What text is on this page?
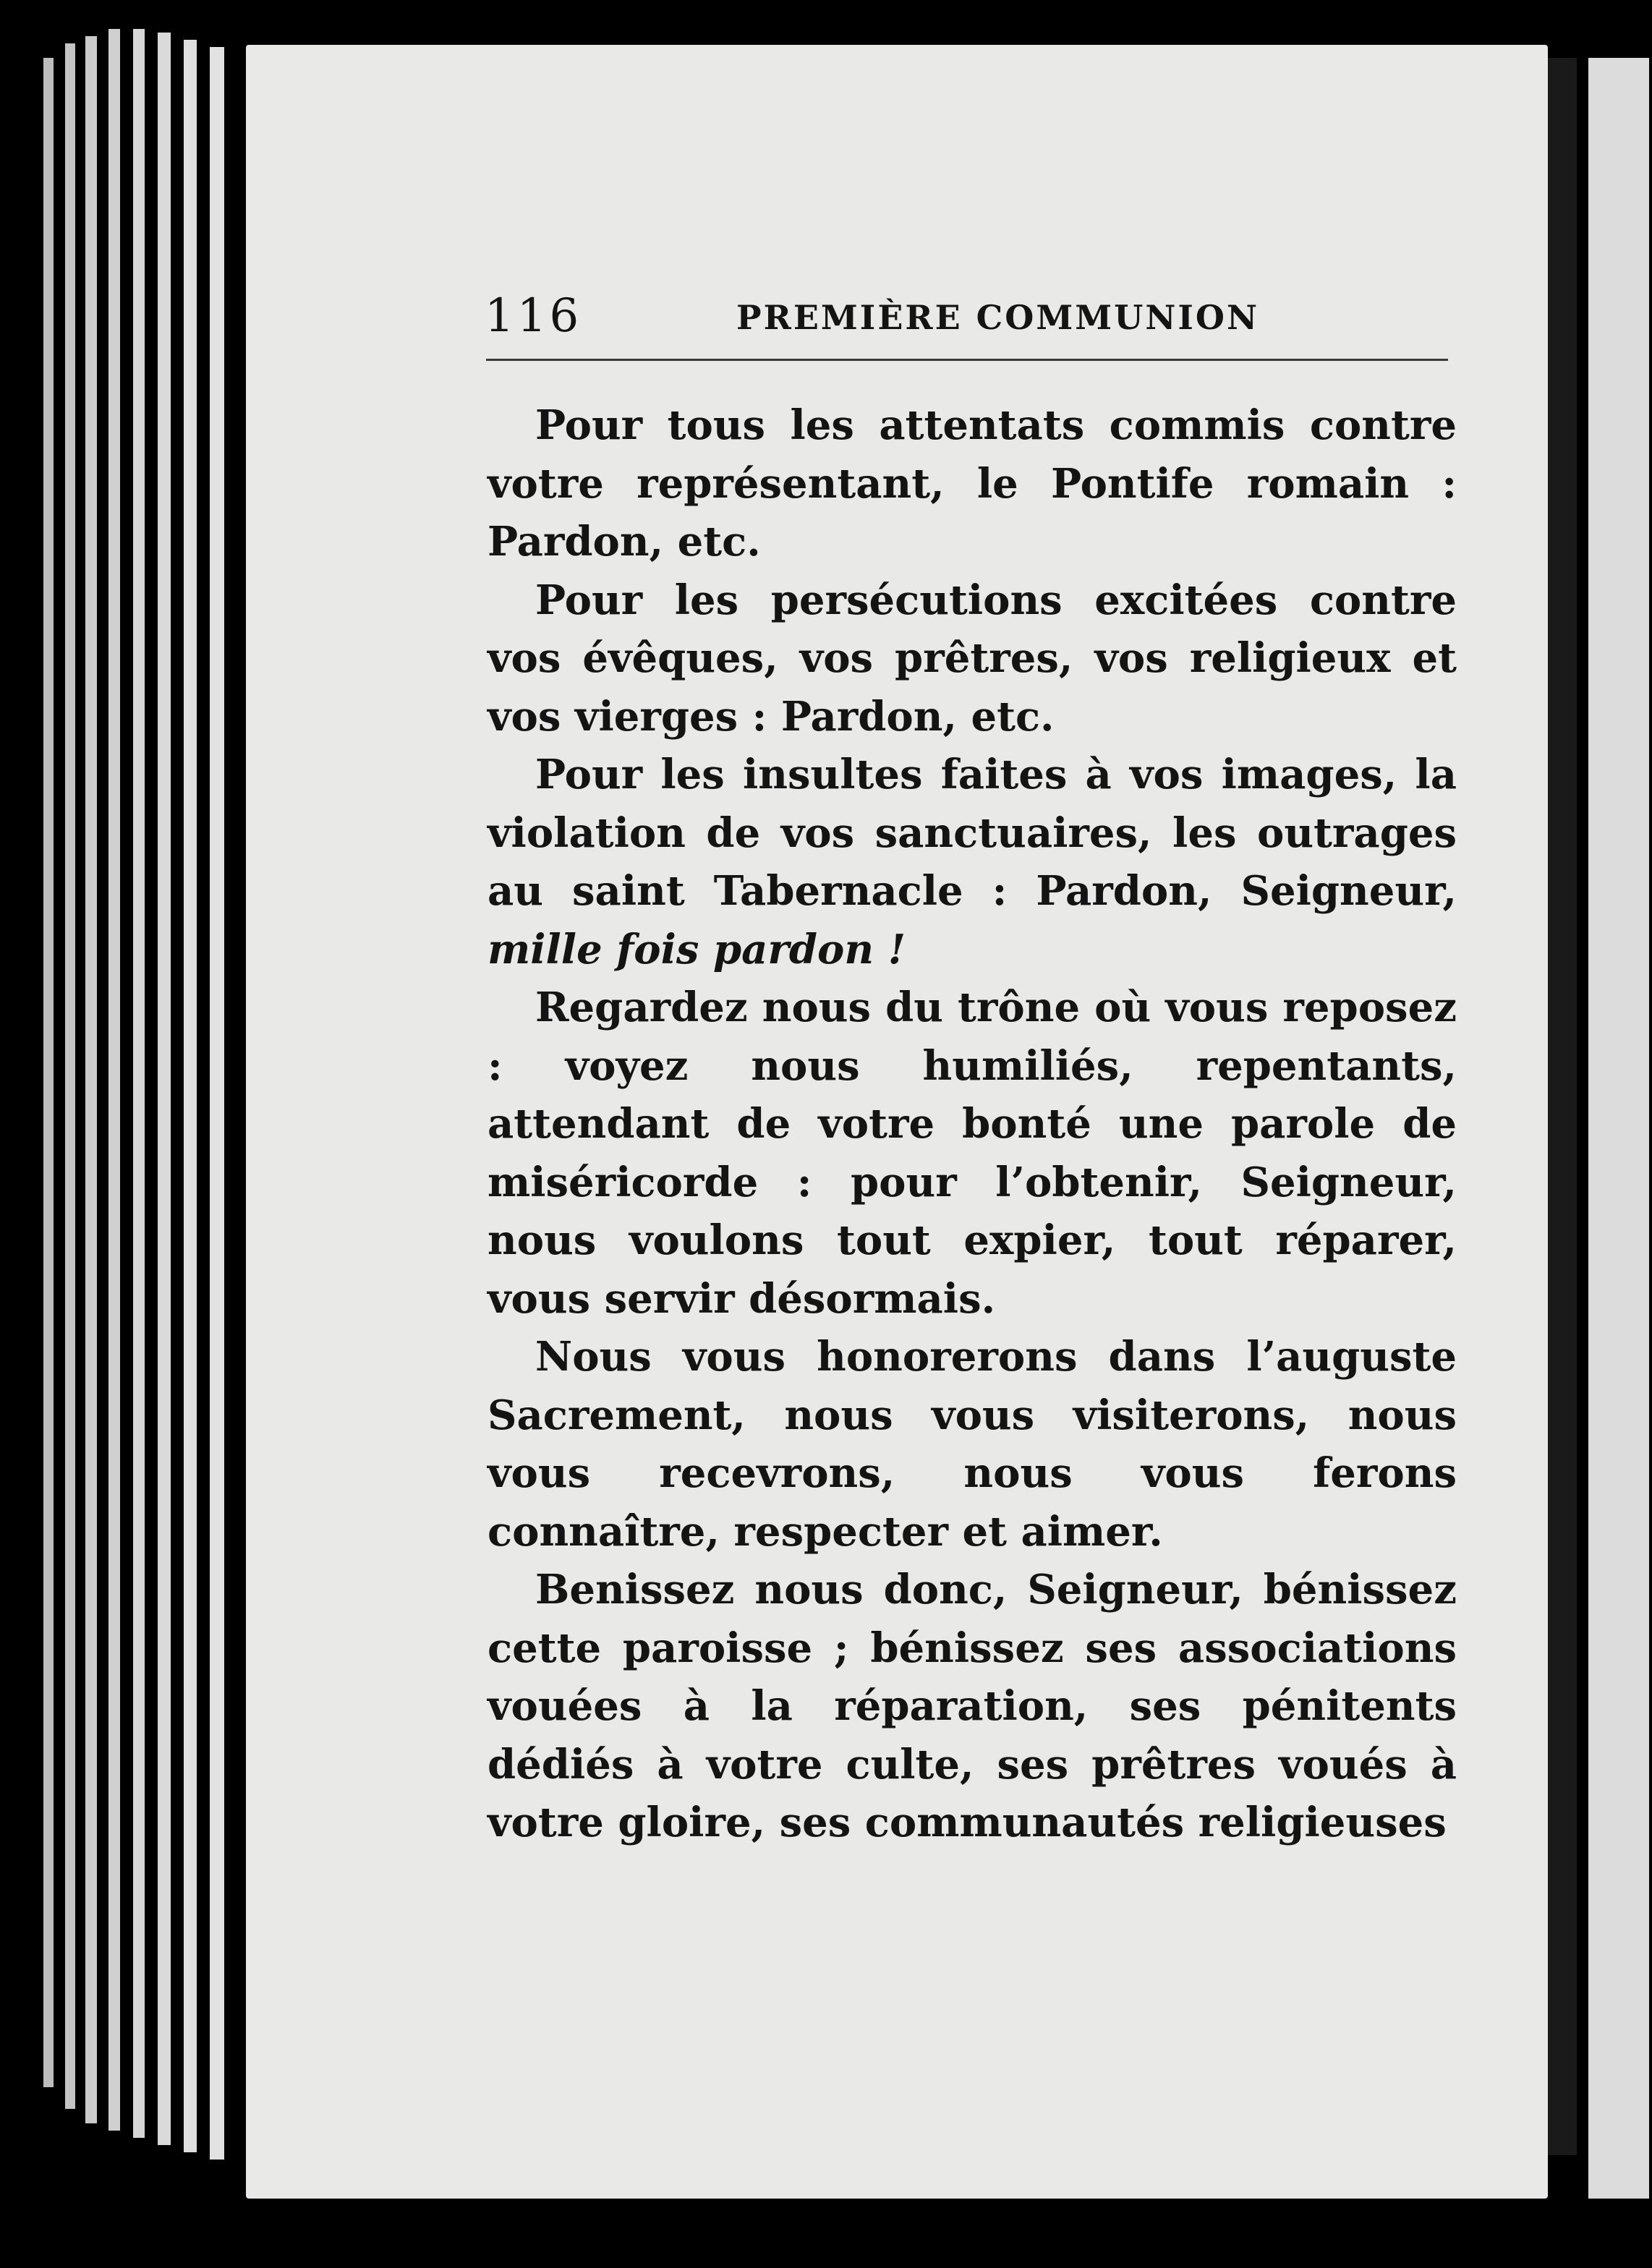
116	PREMIÈRE COMMUNION

Pour tous les attentats commis contre votre représentant, le Pontife romain : Pardon, etc.

Pour les persécutions excitées contre vos évêques, vos prêtres, vos religieux et vos vierges : Pardon, etc.

Pour les insultes faites à vos images, la violation de vos sanctuaires, les outrages au saint Tabernacle : Pardon, Seigneur, mille fois pardon !

Regardez nous du trône où vous reposez : voyez nous humiliés, repentants, attendant de votre bonté une parole de miséricorde : pour l’obtenir, Seigneur, nous voulons tout expier, tout réparer, vous servir désormais.

Nous vous honorerons dans l’auguste Sacrement, nous vous visiterons, nous vous recevrons, nous vous ferons connaître, respecter et aimer.

Benissez nous donc, Seigneur, bénissez cette paroisse ; bénissez ses associations vouées à la réparation, ses pénitents dédiés à votre culte, ses prêtres voués à votre gloire, ses communautés religieuses
